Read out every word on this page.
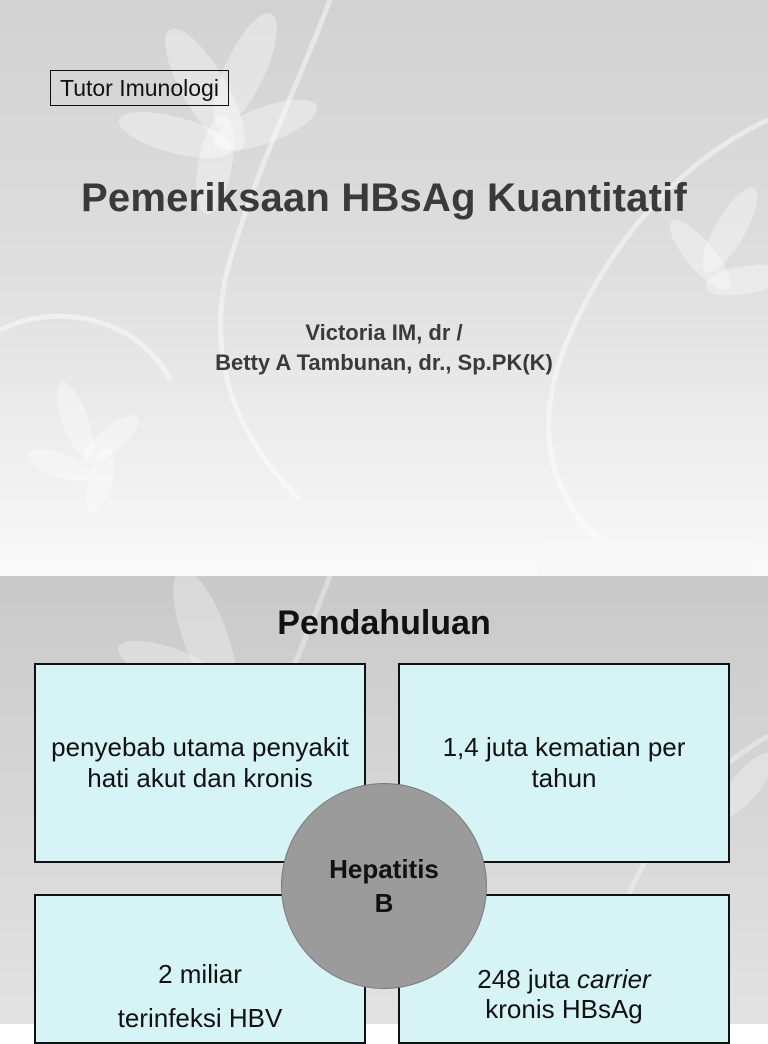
Tutor Imunologi
Pemeriksaan HBsAg Kuantitatif
Victoria IM, dr /
Betty A Tambunan, dr., Sp.PK(K)
Pendahuluan
penyebab utama penyakit hati akut dan kronis
1,4 juta kematian per tahun
2 miliar
terinfeksi HBV
248 juta carrier
kronis HBsAg
Hepatitis B
